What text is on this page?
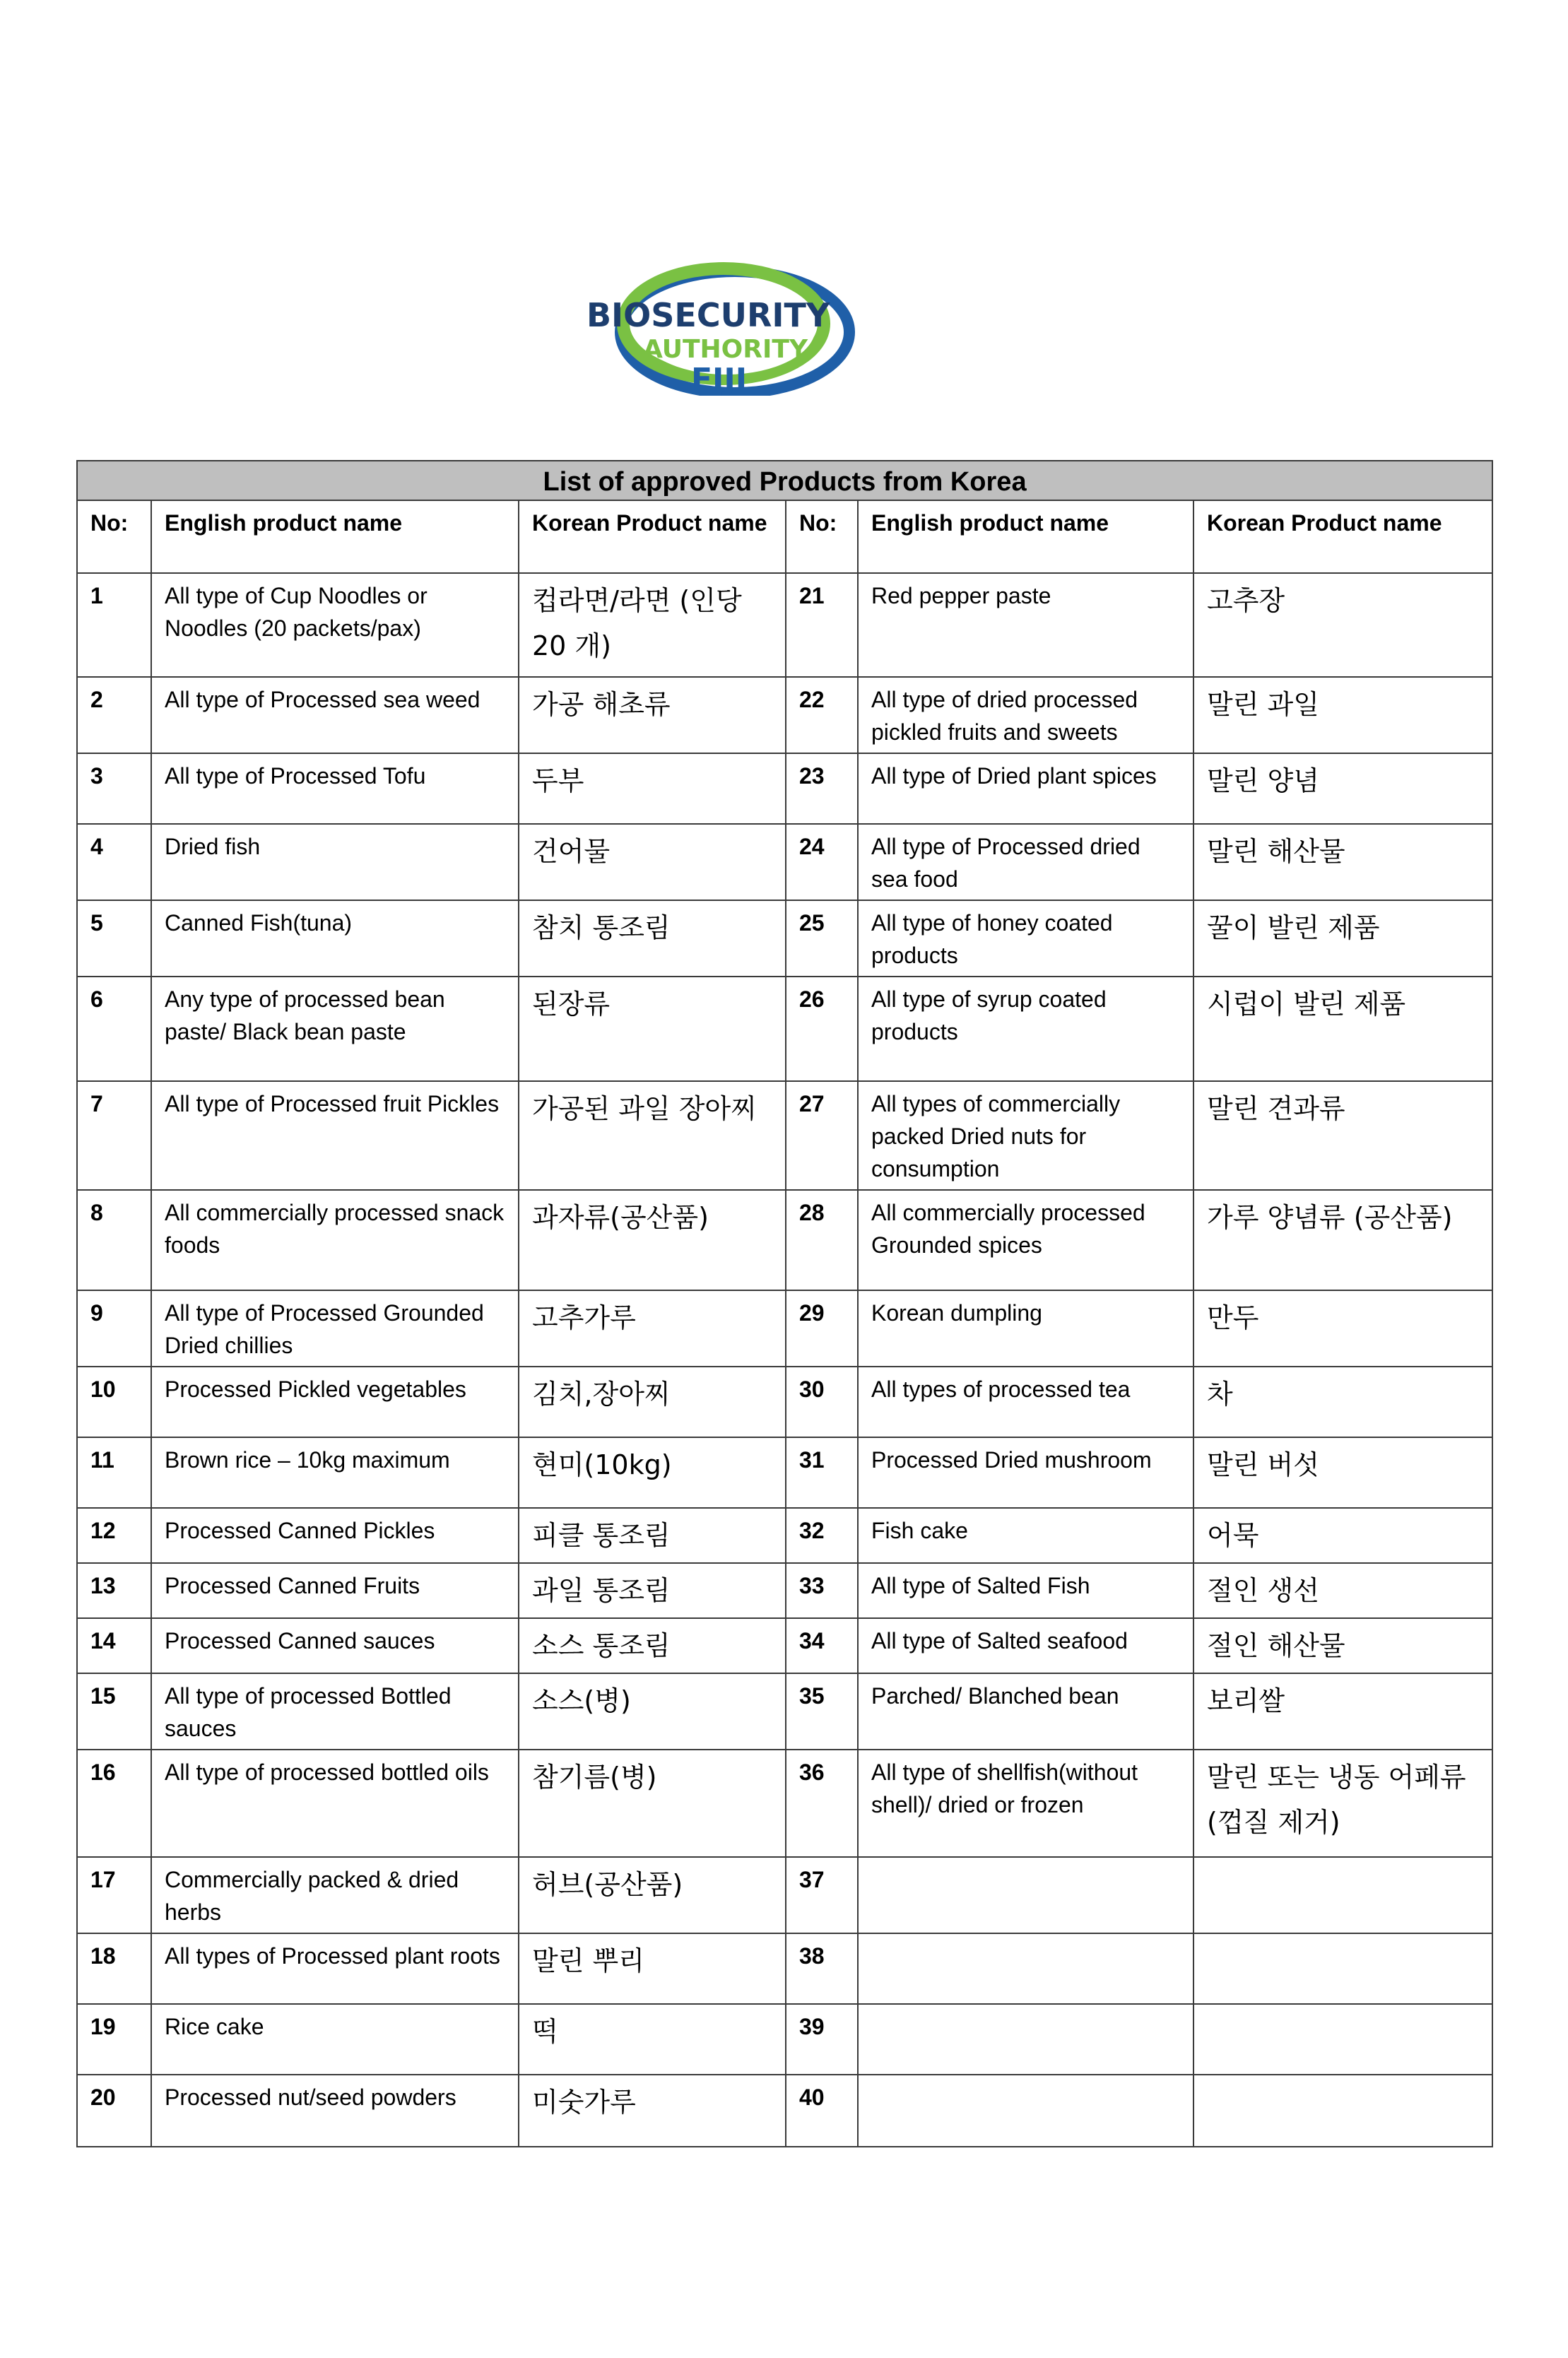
BIOSECURITY
AUTHORITY
FIJI
List of approved Products from Korea					
No:	English product name	Korean Product name	No:	English product name	Korean Product name
1	All type of Cup Noodles or Noodles (20 packets/pax)	컵라면/라면 (인당 20 개)	21	Red pepper paste	고추장
2	All type of Processed sea weed	가공 해초류	22	All type of dried processed pickled fruits and sweets	말린 과일
3	All type of Processed Tofu	두부	23	All type of Dried plant spices	말린 양념
4	Dried fish	건어물	24	All type of Processed dried sea food	말린 해산물
5	Canned Fish(tuna)	참치 통조림	25	All type of honey coated products	꿀이 발린 제품
6	Any type of processed bean paste/ Black bean paste	된장류	26	All type of syrup coated products	시럽이 발린 제품
7	All type of Processed fruit Pickles	가공된 과일 장아찌	27	All types of commercially packed Dried nuts for consumption	말린 견과류
8	All commercially processed snack foods	과자류(공산품)	28	All commercially processed Grounded spices	가루 양념류 (공산품)
9	All type of Processed Grounded Dried chillies	고추가루	29	Korean dumpling	만두
10	Processed Pickled vegetables	김치,장아찌	30	All types of processed tea	차
11	Brown rice – 10kg maximum	현미(10kg)	31	Processed Dried mushroom	말린 버섯
12	Processed Canned Pickles	피클 통조림	32	Fish cake	어묵
13	Processed Canned Fruits	과일 통조림	33	All type of Salted Fish	절인 생선
14	Processed Canned sauces	소스 통조림	34	All type of Salted seafood	절인 해산물
15	All type of processed Bottled sauces	소스(병)	35	Parched/ Blanched bean	보리쌀
16	All type of processed bottled oils	참기름(병)	36	All type of shellfish(without shell)/ dried or frozen	말린 또는 냉동 어페류 (껍질 제거)
17	Commercially packed & dried herbs	허브(공산품)	37		
18	All types of Processed plant roots	말린 뿌리	38		
19	Rice cake	떡	39		
20	Processed nut/seed powders	미숫가루	40		
